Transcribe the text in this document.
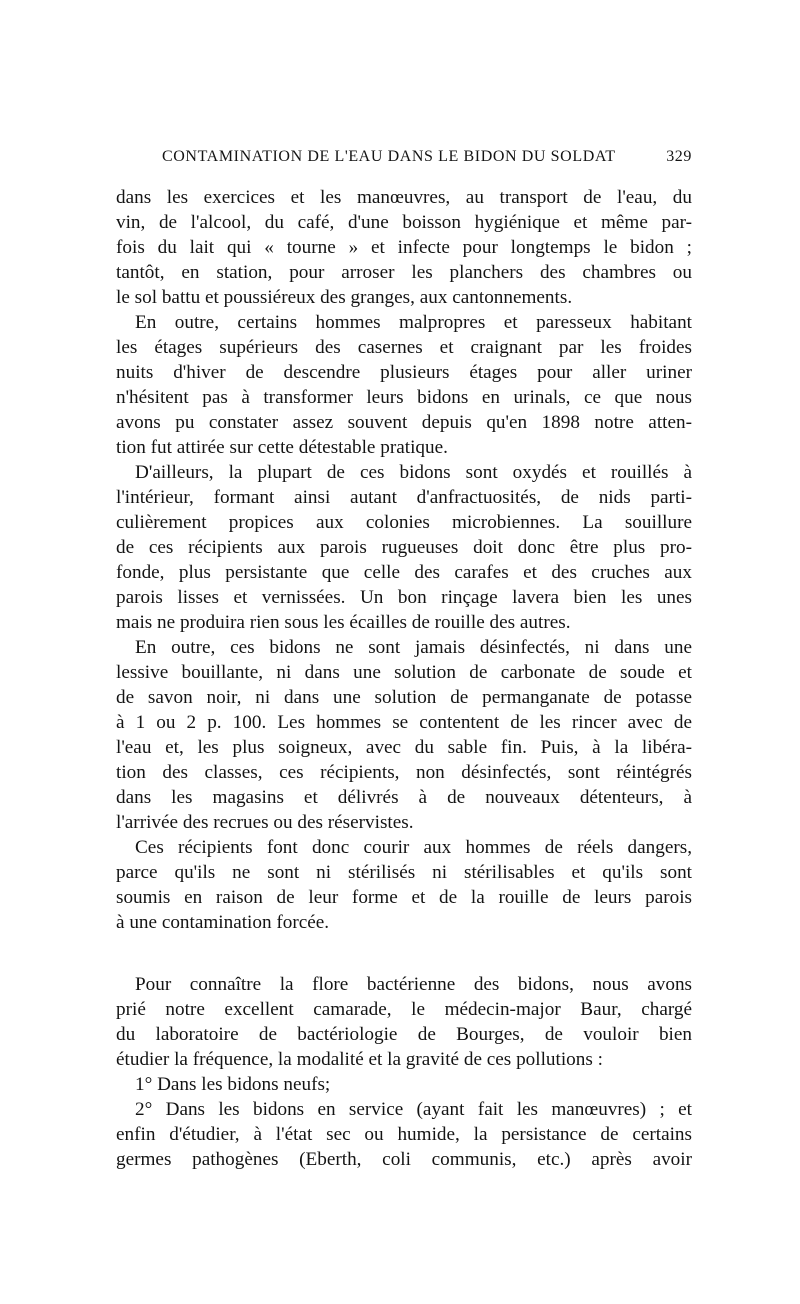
CONTAMINATION DE L'EAU DANS LE BIDON DU SOLDAT	329
dans les exercices et les manœuvres, au transport de l'eau, du
vin, de l'alcool, du café, d'une boisson hygiénique et même par-
fois du lait qui « tourne » et infecte pour longtemps le bidon ;
tantôt, en station, pour arroser les planchers des chambres ou
le sol battu et poussiéreux des granges, aux cantonnements.
En outre, certains hommes malpropres et paresseux habitant
les étages supérieurs des casernes et craignant par les froides
nuits d'hiver de descendre plusieurs étages pour aller uriner
n'hésitent pas à transformer leurs bidons en urinals, ce que nous
avons pu constater assez souvent depuis qu'en 1898 notre atten-
tion fut attirée sur cette détestable pratique.
D'ailleurs, la plupart de ces bidons sont oxydés et rouillés à
l'intérieur, formant ainsi autant d'anfractuosités, de nids parti-
culièrement propices aux colonies microbiennes. La souillure
de ces récipients aux parois rugueuses doit donc être plus pro-
fonde, plus persistante que celle des carafes et des cruches aux
parois lisses et vernissées. Un bon rinçage lavera bien les unes
mais ne produira rien sous les écailles de rouille des autres.
En outre, ces bidons ne sont jamais désinfectés, ni dans une
lessive bouillante, ni dans une solution de carbonate de soude et
de savon noir, ni dans une solution de permanganate de potasse
à 1 ou 2 p. 100. Les hommes se contentent de les rincer avec de
l'eau et, les plus soigneux, avec du sable fin. Puis, à la libéra-
tion des classes, ces récipients, non désinfectés, sont réintégrés
dans les magasins et délivrés à de nouveaux détenteurs, à
l'arrivée des recrues ou des réservistes.
Ces récipients font donc courir aux hommes de réels dangers,
parce qu'ils ne sont ni stérilisés ni stérilisables et qu'ils sont
soumis en raison de leur forme et de la rouille de leurs parois
à une contamination forcée.
Pour connaître la flore bactérienne des bidons, nous avons
prié notre excellent camarade, le médecin-major Baur, chargé
du laboratoire de bactériologie de Bourges, de vouloir bien
étudier la fréquence, la modalité et la gravité de ces pollutions :
1° Dans les bidons neufs;
2° Dans les bidons en service (ayant fait les manœuvres) ; et
enfin d'étudier, à l'état sec ou humide, la persistance de certains
germes pathogènes (Eberth, coli communis, etc.) après avoir
